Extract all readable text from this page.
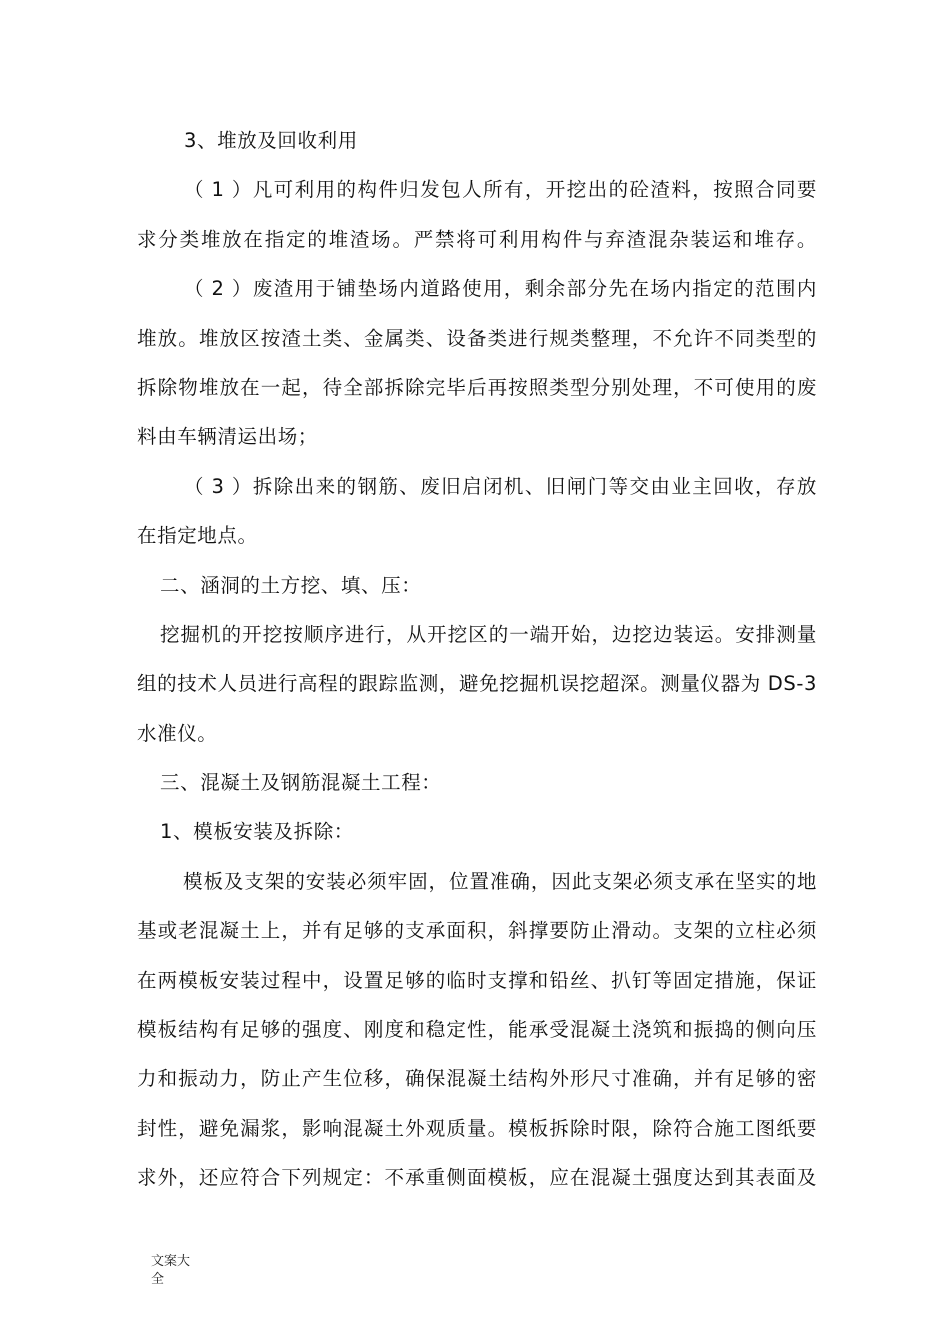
3、堆放及回收利用
（1）凡可利用的构件归发包人所有，开挖出的砼渣料，按照合同要
求分类堆放在指定的堆渣场。严禁将可利用构件与弃渣混杂装运和堆存。
（2）废渣用于铺垫场内道路使用，剩余部分先在场内指定的范围内
堆放。堆放区按渣土类、金属类、设备类进行规类整理，不允许不同类型的
拆除物堆放在一起，待全部拆除完毕后再按照类型分别处理，不可使用的废
料由车辆清运出场；
（3）拆除出来的钢筋、废旧启闭机、旧闸门等交由业主回收，存放
在指定地点。
二、涵洞的土方挖、填、压：
挖掘机的开挖按顺序进行，从开挖区的一端开始，边挖边装运。安排测量
组的技术人员进行高程的跟踪监测，避免挖掘机误挖超深。测量仪器为 DS-3
水准仪。
三、混凝土及钢筋混凝土工程：
1、模板安装及拆除：
模板及支架的安装必须牢固，位置准确，因此支架必须支承在坚实的地
基或老混凝土上，并有足够的支承面积，斜撑要防止滑动。支架的立柱必须
在两模板安装过程中，设置足够的临时支撑和铅丝、扒钉等固定措施，保证
模板结构有足够的强度、刚度和稳定性，能承受混凝土浇筑和振捣的侧向压
力和振动力，防止产生位移，确保混凝土结构外形尺寸准确，并有足够的密
封性，避免漏浆，影响混凝土外观质量。模板拆除时限，除符合施工图纸要
求外，还应符合下列规定：不承重侧面模板，应在混凝土强度达到其表面及
文案大
全
